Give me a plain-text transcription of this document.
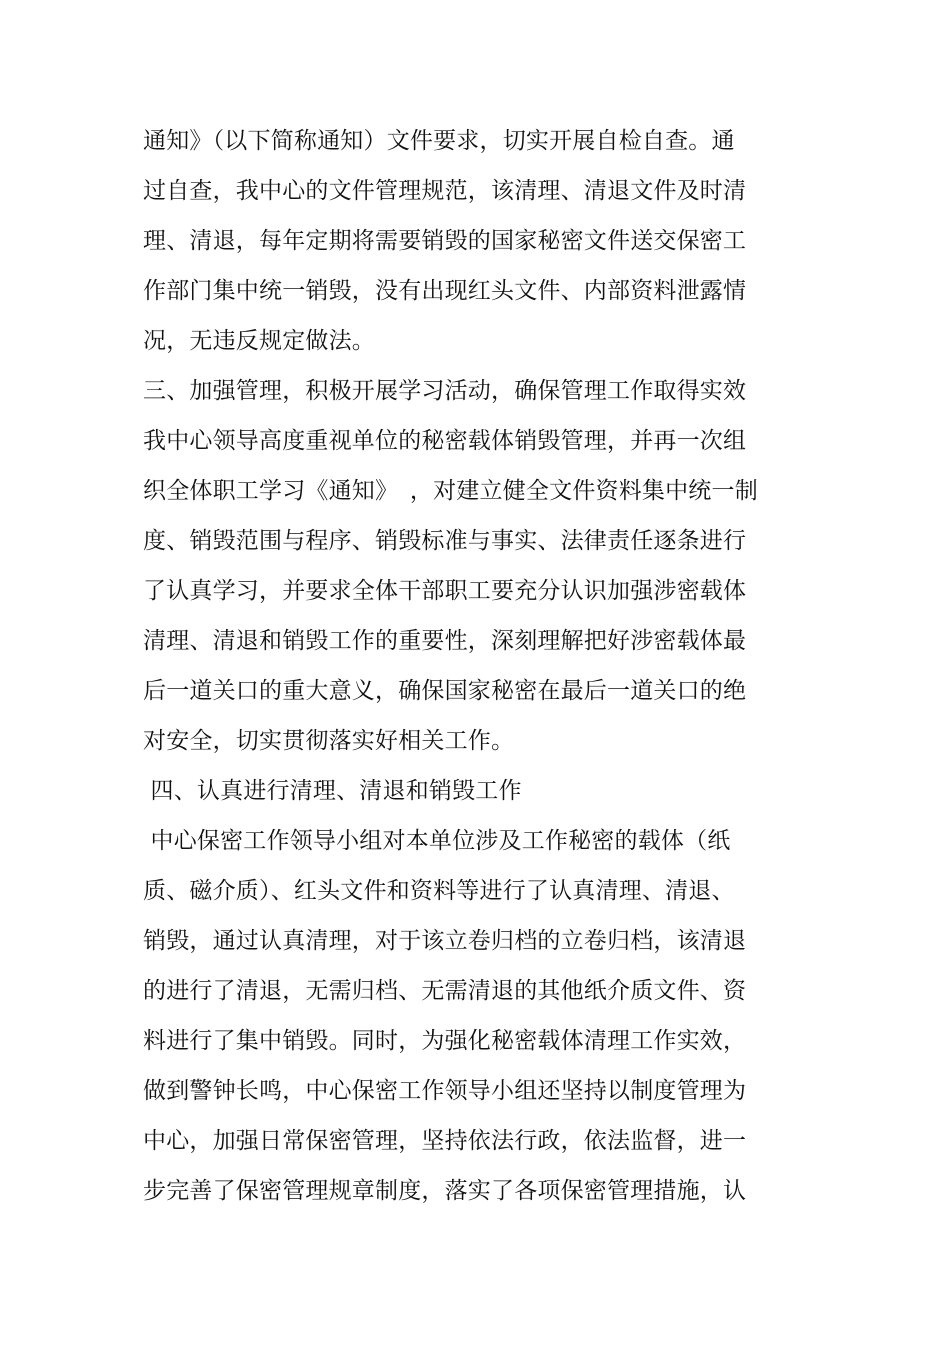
通知》（以下简称通知）文件要求，切实开展自检自查。通
过自查，我中心的文件管理规范，该清理、清退文件及时清
理、清退，每年定期将需要销毁的国家秘密文件送交保密工
作部门集中统一销毁，没有出现红头文件、内部资料泄露情
况，无违反规定做法。
三、加强管理，积极开展学习活动，确保管理工作取得实效
我中心领导高度重视单位的秘密载体销毁管理，并再一次组
织全体职工学习《通知》　，对建立健全文件资料集中统一制
度、销毁范围与程序、销毁标准与事实、法律责任逐条进行
了认真学习，并要求全体干部职工要充分认识加强涉密载体
清理、清退和销毁工作的重要性，深刻理解把好涉密载体最
后一道关口的重大意义，确保国家秘密在最后一道关口的绝
对安全，切实贯彻落实好相关工作。
四、认真进行清理、清退和销毁工作
中心保密工作领导小组对本单位涉及工作秘密的载体（纸
质、磁介质）、红头文件和资料等进行了认真清理、清退、
销毁，通过认真清理，对于该立卷归档的立卷归档，该清退
的进行了清退，无需归档、无需清退的其他纸介质文件、资
料进行了集中销毁。同时，为强化秘密载体清理工作实效，
做到警钟长鸣，中心保密工作领导小组还坚持以制度管理为
中心，加强日常保密管理，坚持依法行政，依法监督，进一
步完善了保密管理规章制度，落实了各项保密管理措施，认
